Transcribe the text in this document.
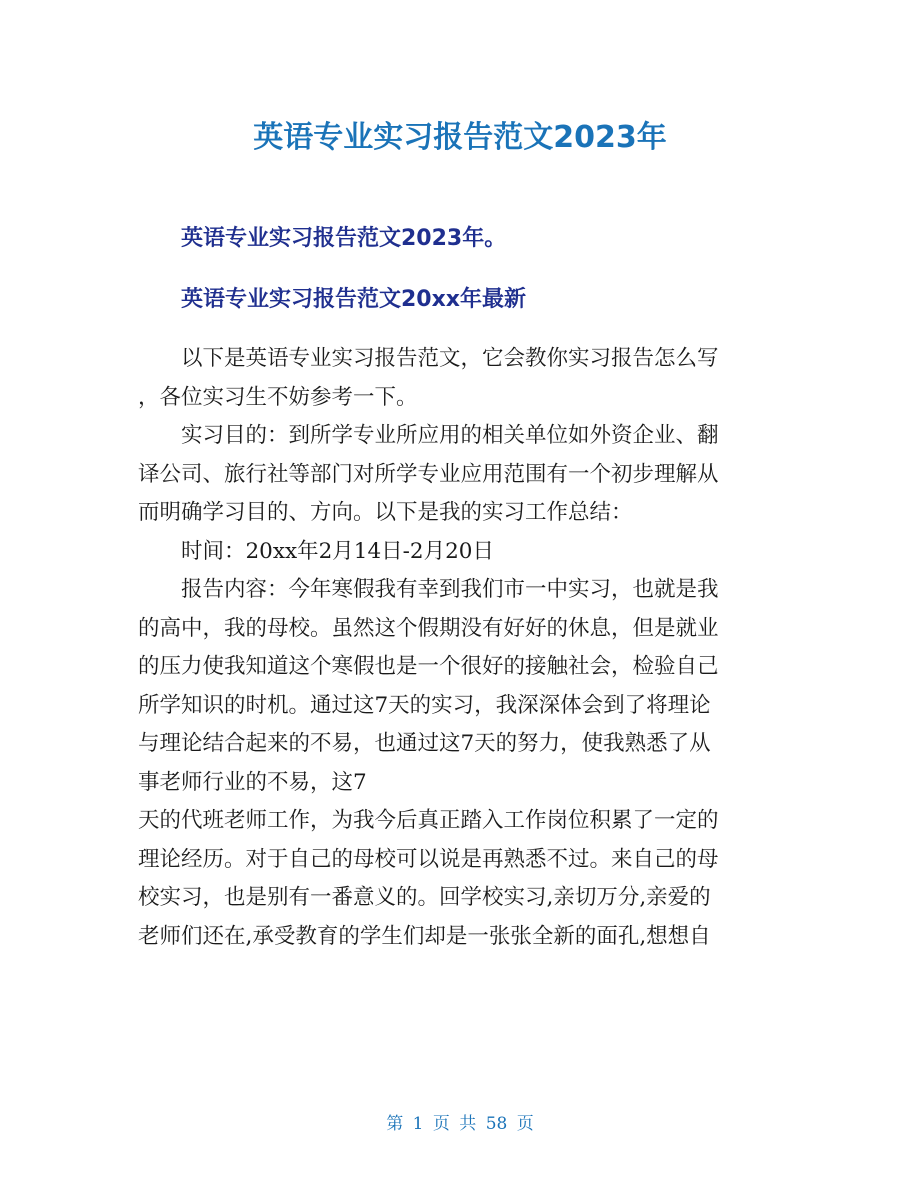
英语专业实习报告范文2023年
英语专业实习报告范文2023年。
英语专业实习报告范文20xx年最新
以下是英语专业实习报告范文，它会教你实习报告怎么写
，各位实习生不妨参考一下。
实习目的：到所学专业所应用的相关单位如外资企业、翻
译公司、旅行社等部门对所学专业应用范围有一个初步理解从
而明确学习目的、方向。以下是我的实习工作总结：
时间：20xx年2月14日-2月20日
报告内容：今年寒假我有幸到我们市一中实习，也就是我
的高中，我的母校。虽然这个假期没有好好的休息，但是就业
的压力使我知道这个寒假也是一个很好的接触社会，检验自己
所学知识的时机。通过这7天的实习，我深深体会到了将理论
与理论结合起来的不易，也通过这7天的努力，使我熟悉了从
事老师行业的不易，这7
天的代班老师工作，为我今后真正踏入工作岗位积累了一定的
理论经历。对于自己的母校可以说是再熟悉不过。来自己的母
校实习，也是别有一番意义的。回学校实习,亲切万分,亲爱的
老师们还在,承受教育的学生们却是一张张全新的面孔,想想自
第 1 页 共 58 页
